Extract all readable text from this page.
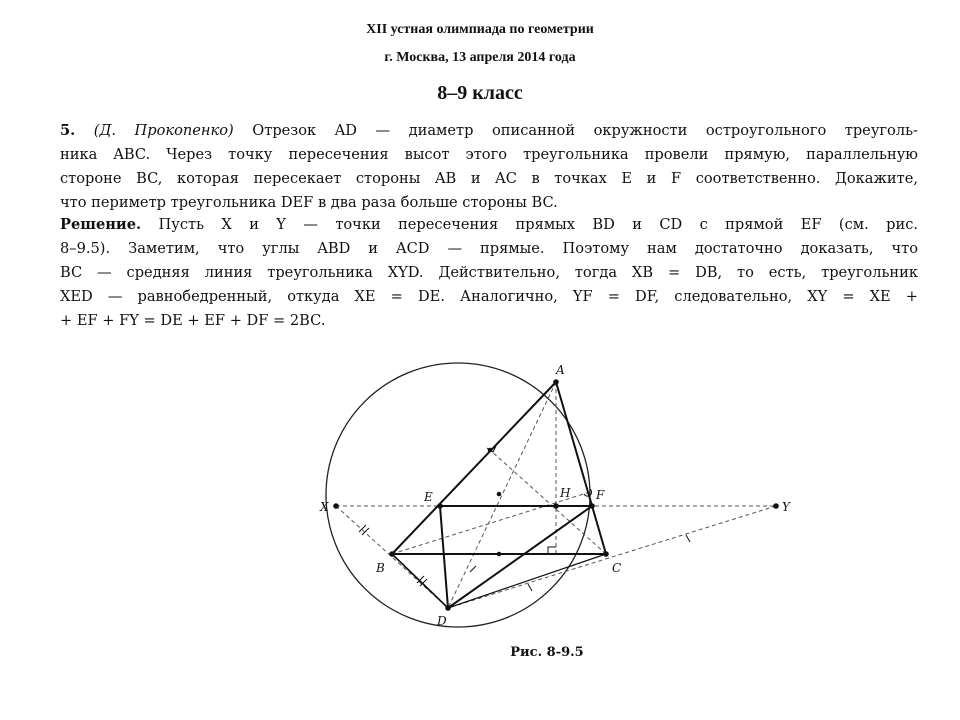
XII устная олимпиада по геометрии
г. Москва, 13 апреля 2014 года
8–9 класс
5. (Д. Прокопенко) Отрезок AD — диаметр описанной окружности остроугольного треуголь-
ника ABC. Через точку пересечения высот этого треугольника провели прямую, параллельную
стороне BC, которая пересекает стороны AB и AC в точках E и F соответственно. Докажите,
что периметр треугольника DEF в два раза больше стороны BC.
Решение. Пусть X и Y — точки пересечения прямых BD и CD с прямой EF (см. рис.
8–9.5). Заметим, что углы ABD и ACD — прямые. Поэтому нам достаточно доказать, что
BC — средняя линия треугольника XYD. Действительно, тогда XB = DB, то есть, треугольник
XED — равнобедренный, откуда XE = DE. Аналогично, YF = DF, следовательно, XY = XE +
+ EF + FY = DE + EF + DF = 2BC.
A
B	C
D
E	F
H
X	Y
Рис. 8-9.5
